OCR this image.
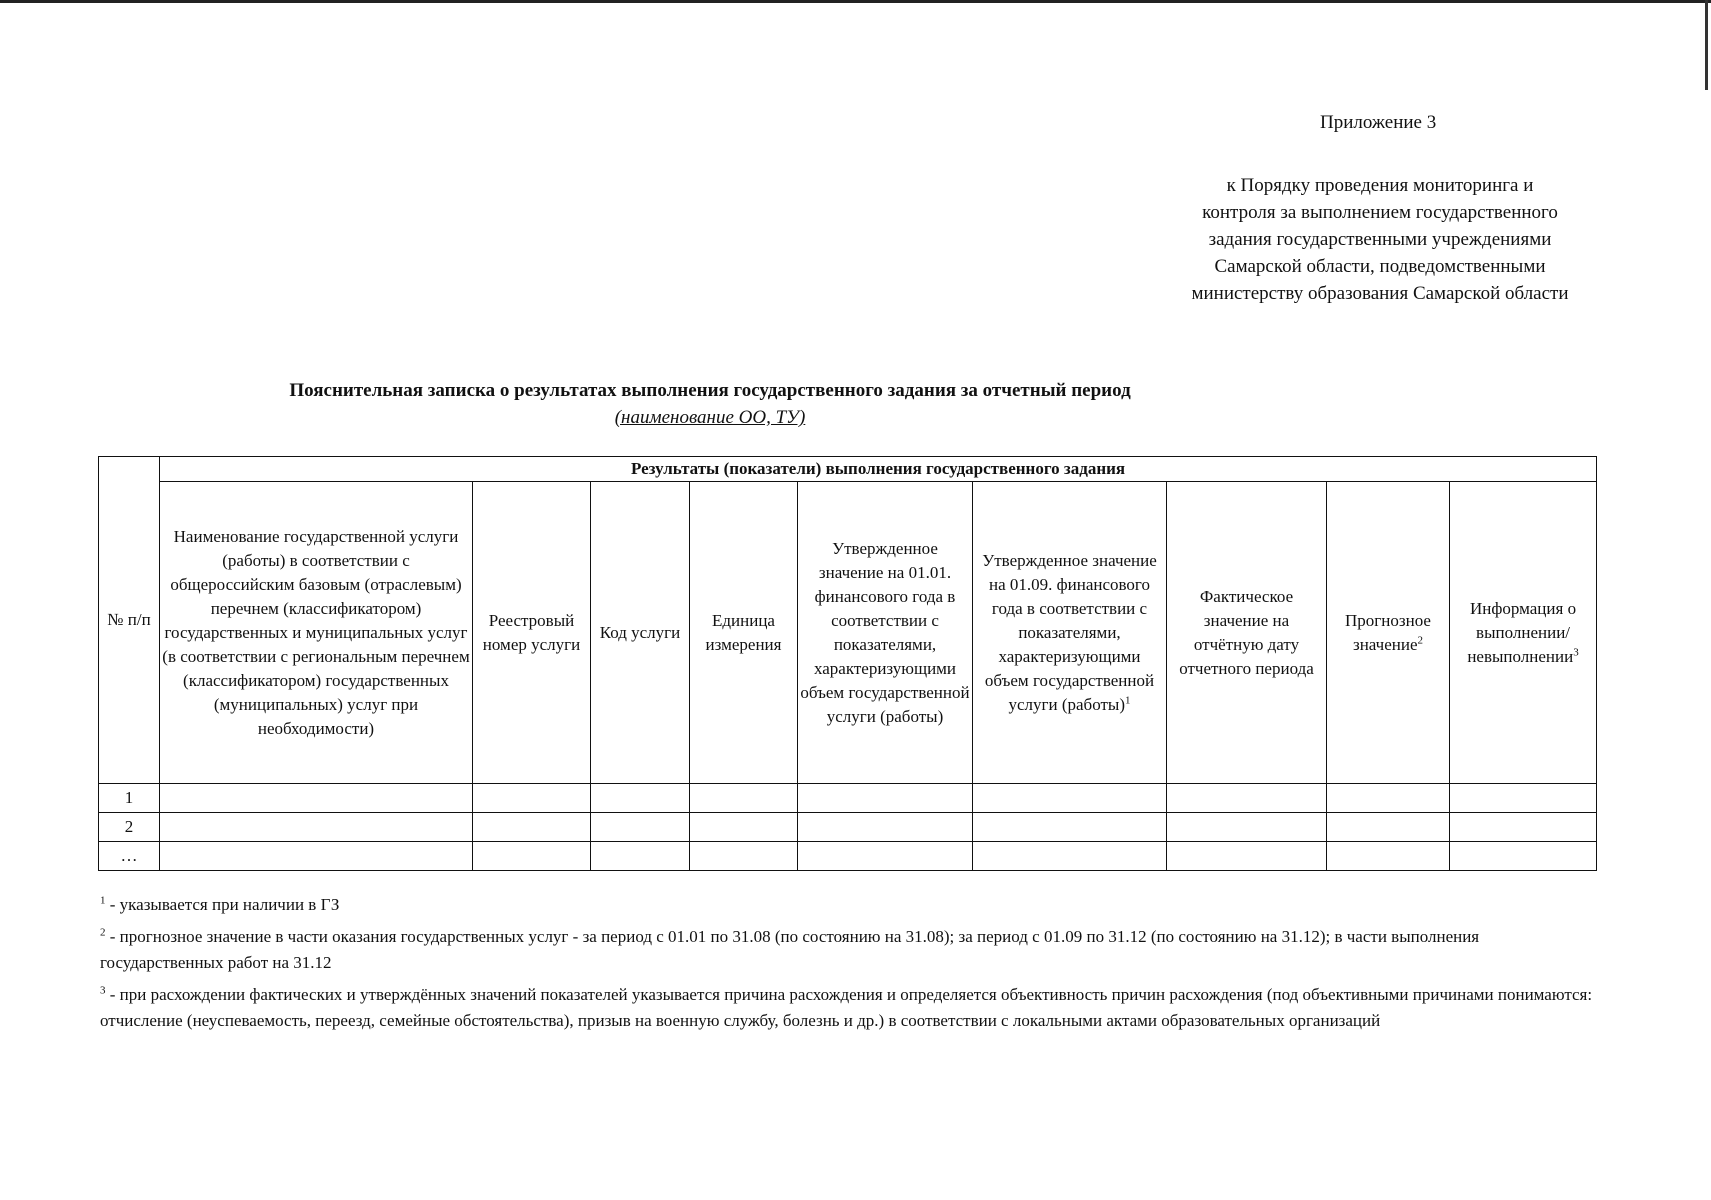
Приложение 3
к Порядку проведения мониторинга и
контроля за выполнением государственного
задания государственными учреждениями
Самарской области, подведомственными
министерству образования Самарской области
Пояснительная записка о результатах выполнения государственного задания за отчетный период
(наименование ОО, ТУ)
№ п/п	Результаты (показатели) выполнения государственного задания								
	Наименование государственной услуги (работы) в соответствии с общероссийским базовым (отраслевым) перечнем (классификатором) государственных и муниципальных услуг (в соответствии с региональным перечнем (классификатором) государственных (муниципальных) услуг при необходимости)	Реестровый номер услуги	Код услуги	Единица измерения	Утвержденное значение на 01.01. финансового года в соответствии с показателями, характеризующими объем государственной услуги (работы)	Утвержденное значение на 01.09. финансового года в соответствии с показателями, характеризующими объем государственной услуги (работы)$^1$	Фактическое значение на отчётную дату отчетного периода	Прогнозное значение$^2$	Информация о выполнении/ невыполнении$^3$
1									
2									
…									
$^1$ - указывается при наличии в ГЗ
$^2$ - прогнозное значение в части оказания государственных услуг - за период с 01.01 по 31.08 (по состоянию на 31.08); за период с 01.09 по 31.12 (по состоянию на 31.12); в части выполнения государственных работ на 31.12
$^3$ - при расхождении фактических и утверждённых значений показателей указывается причина расхождения и определяется объективность причин расхождения (под объективными причинами понимаются: отчисление (неуспеваемость, переезд, семейные обстоятельства), призыв на военную службу, болезнь и др.) в соответствии с локальными актами образовательных организаций
